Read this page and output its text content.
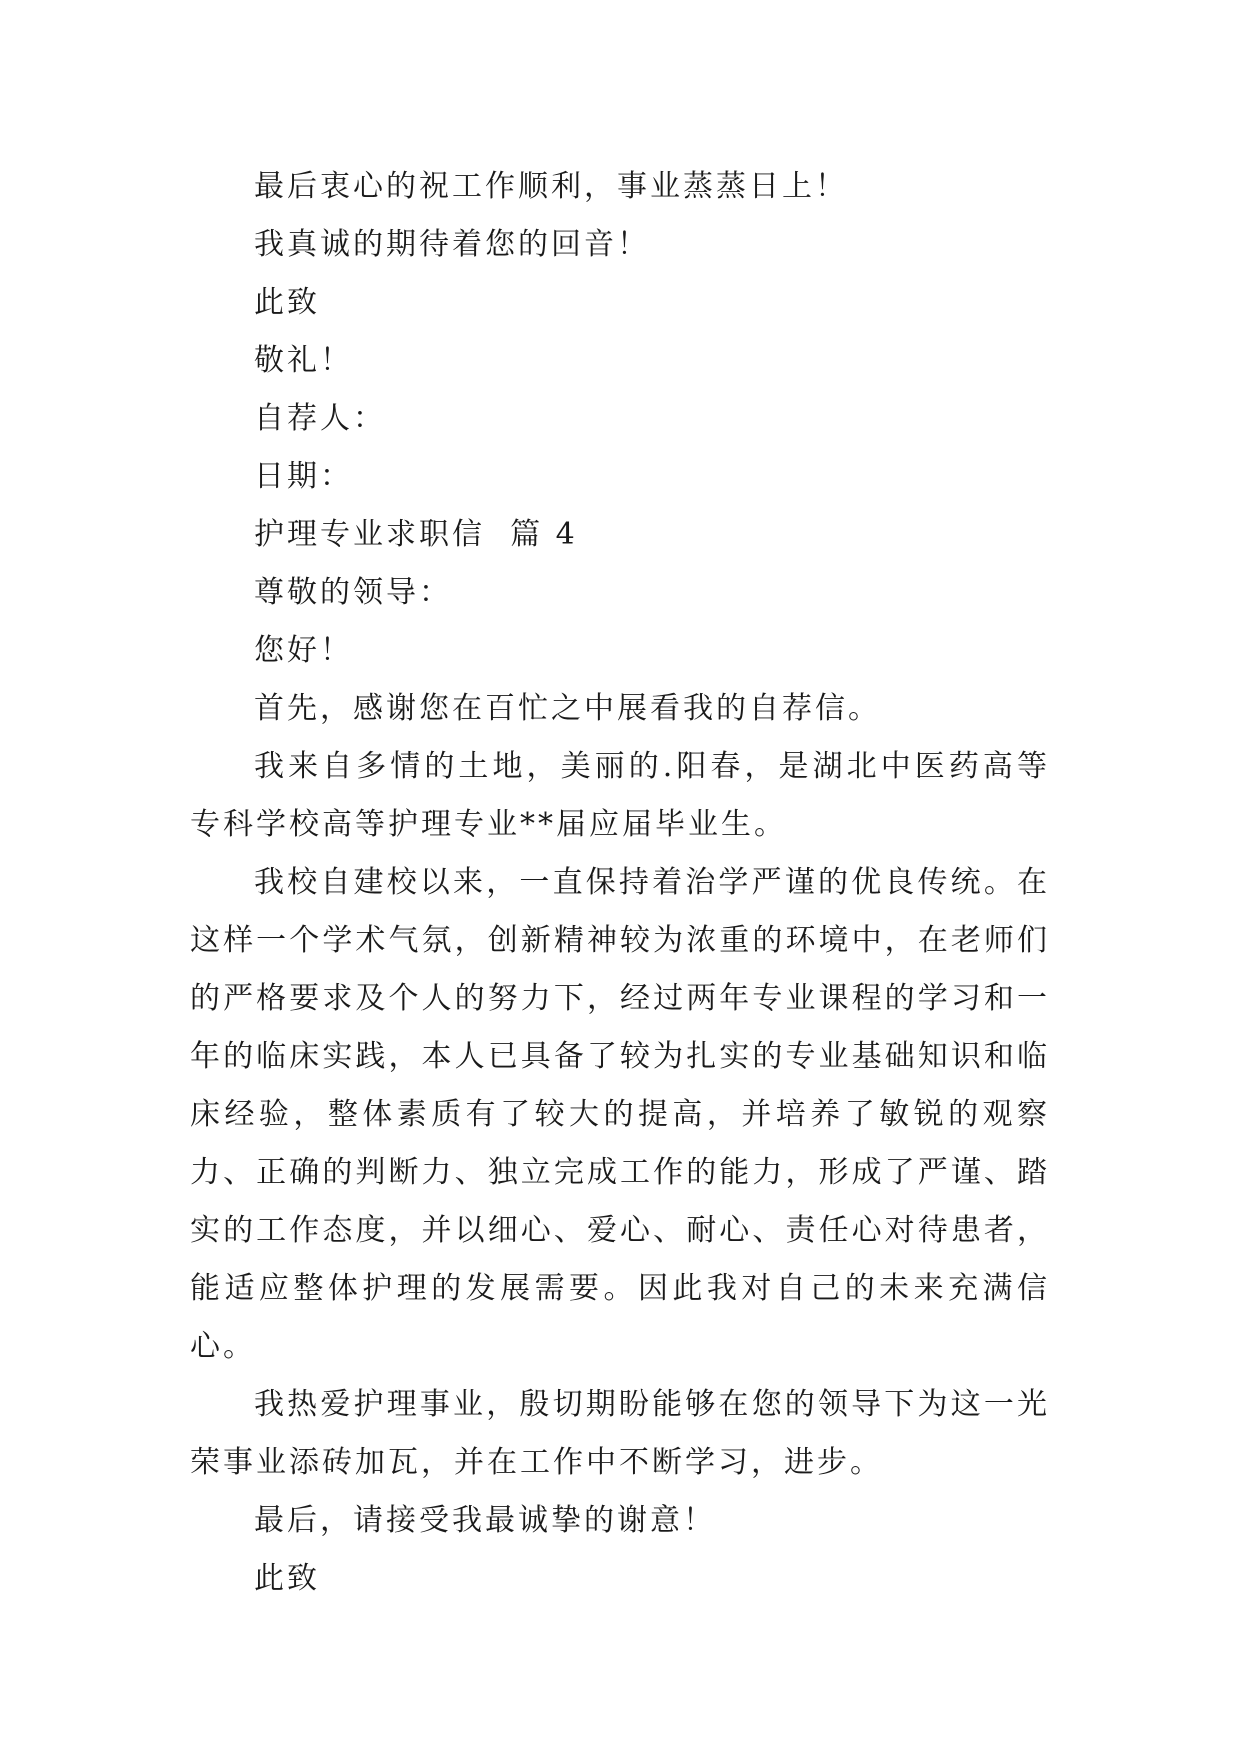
最后衷心的祝工作顺利，事业蒸蒸日上！

我真诚的期待着您的回音！

此致

敬礼！

自荐人：

日期：

护理专业求职信  篇 4

尊敬的领导：

您好！

首先，感谢您在百忙之中展看我的自荐信。

我来自多情的土地，美丽的.阳春，是湖北中医药高等专科学校高等护理专业**届应届毕业生。

我校自建校以来，一直保持着治学严谨的优良传统。在这样一个学术气氛，创新精神较为浓重的环境中，在老师们的严格要求及个人的努力下，经过两年专业课程的学习和一年的临床实践，本人已具备了较为扎实的专业基础知识和临床经验，整体素质有了较大的提高，并培养了敏锐的观察力、正确的判断力、独立完成工作的能力，形成了严谨、踏实的工作态度，并以细心、爱心、耐心、责任心对待患者，能适应整体护理的发展需要。因此我对自己的未来充满信心。

我热爱护理事业，殷切期盼能够在您的领导下为这一光荣事业添砖加瓦，并在工作中不断学习，进步。

最后，请接受我最诚挚的谢意！

此致
